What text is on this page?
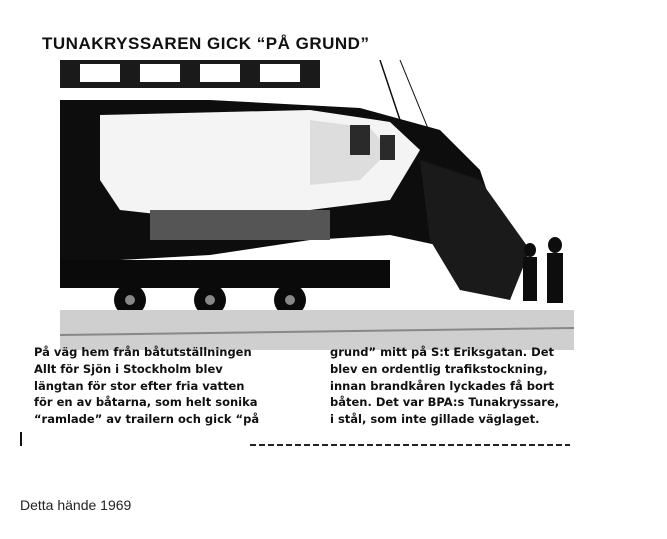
TUNAKRYSSAREN GICK “PÅ GRUND”
På väg hem från båtutställningen
Allt för Sjön i Stockholm blev
längtan för stor efter fria vatten
för en av båtarna, som helt sonika
“ramlade” av trailern och gick “på
grund” mitt på S:t Eriksgatan. Det
blev en ordentlig trafikstockning,
innan brandkåren lyckades få bort
båten. Det var BPA:s Tunakryssare,
i stål, som inte gillade väglaget.
Detta hände 1969
